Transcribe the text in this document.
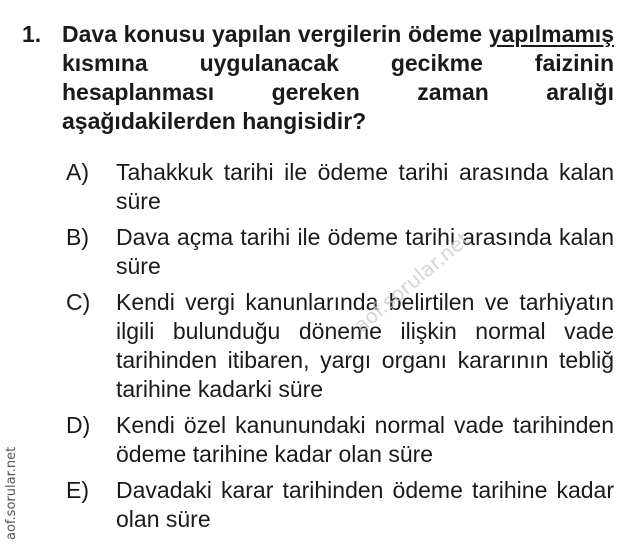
1. Dava konusu yapılan vergilerin ödeme yapılmamış kısmına uygulanacak gecikme faizinin hesaplanması gereken zaman aralığı aşağıdakilerden hangisidir?
A)	Tahakkuk tarihi ile ödeme tarihi arasında kalan süre
B)	Dava açma tarihi ile ödeme tarihi arasında kalan süre
C)	Kendi vergi kanunlarında belirtilen ve tarhiyatın ilgili bulunduğu döneme ilişkin normal vade tarihinden itibaren, yargı organı kararının tebliğ tarihine kadarki süre
D)	Kendi özel kanunundaki normal vade tarihinden ödeme tarihine kadar olan süre
E)	Davadaki karar tarihinden ödeme tarihine kadar olan süre
aof.sorular.net
aof.sorular.net
